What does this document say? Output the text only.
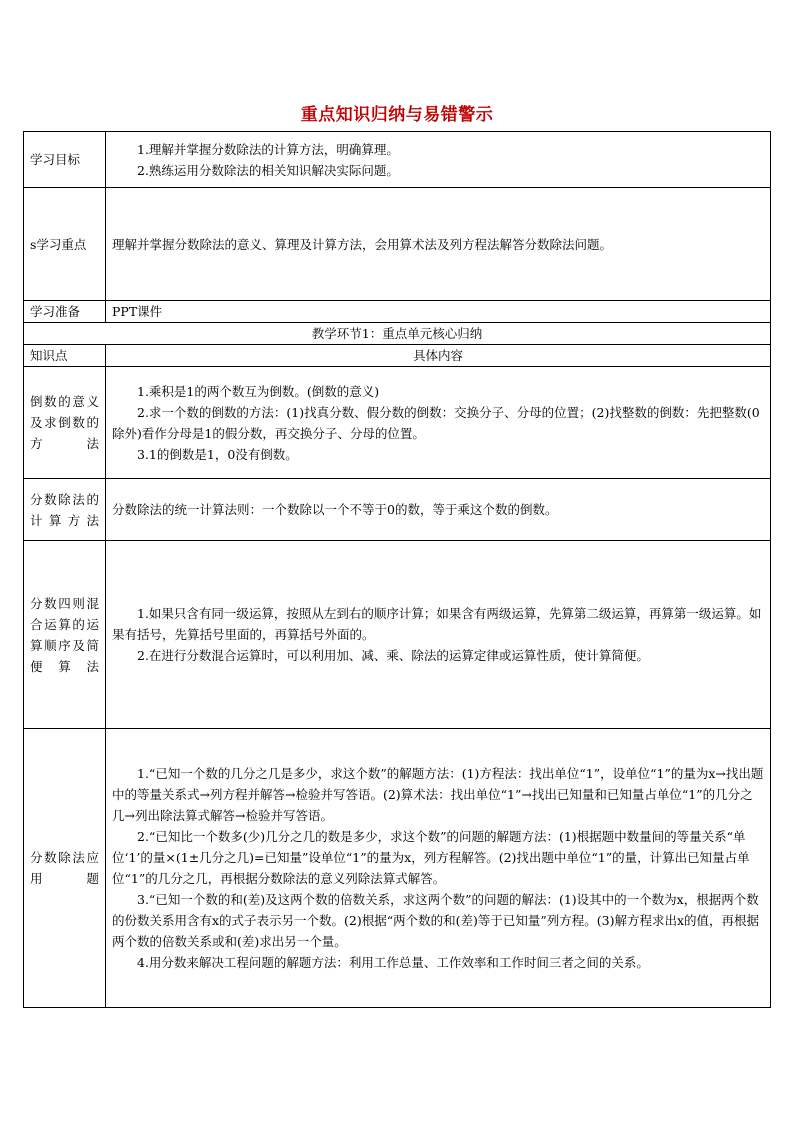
重点知识归纳与易错警示
学习目标	1.理解并掌握分数除法的计算方法，明确算理。

2.熟练运用分数除法的相关知识解决实际问题。

s学习重点	理解并掌握分数除法的意义、算理及计算方法，会用算术法及列方程法解答分数除法问题。
学习准备	PPT课件
教学环节1：重点单元核心归纳	
知识点	具体内容
倒数的意义及求倒数的方法	1.乘积是1的两个数互为倒数。(倒数的意义)

2.求一个数的倒数的方法：(1)找真分数、假分数的倒数：交换分子、分母的位置；(2)找整数的倒数：先把整数(0除外)看作分母是1的假分数，再交换分子、分母的位置。

3.1的倒数是1，0没有倒数。

分数除法的计算方法	分数除法的统一计算法则：一个数除以一个不等于0的数，等于乘这个数的倒数。

分数四则混合运算的运算顺序及简便算法	1.如果只含有同一级运算，按照从左到右的顺序计算；如果含有两级运算，先算第二级运算，再算第一级运算。如果有括号，先算括号里面的，再算括号外面的。

2.在进行分数混合运算时，可以利用加、减、乘、除法的运算定律或运算性质，使计算简便。

分数除法应用题	1.“已知一个数的几分之几是多少，求这个数”的解题方法：(1)方程法：找出单位“1”，设单位“1”的量为x→找出题中的等量关系式→列方程并解答→检验并写答语。(2)算术法：找出单位“1”→找出已知量和已知量占单位“1”的几分之几→列出除法算式解答→检验并写答语。

2.“已知比一个数多(少)几分之几的数是多少，求这个数”的问题的解题方法：(1)根据题中数量间的等量关系“单位‘1’的量×(1±几分之几)=已知量”设单位“1”的量为x，列方程解答。(2)找出题中单位“1”的量，计算出已知量占单位“1”的几分之几，再根据分数除法的意义列除法算式解答。

3.“已知一个数的和(差)及这两个数的倍数关系，求这两个数”的问题的解法：(1)设其中的一个数为x，根据两个数的份数关系用含有x的式子表示另一个数。(2)根据“两个数的和(差)等于已知量”列方程。(3)解方程求出x的值，再根据两个数的倍数关系或和(差)求出另一个量。

4.用分数来解决工程问题的解题方法：利用工作总量、工作效率和工作时间三者之间的关系。
